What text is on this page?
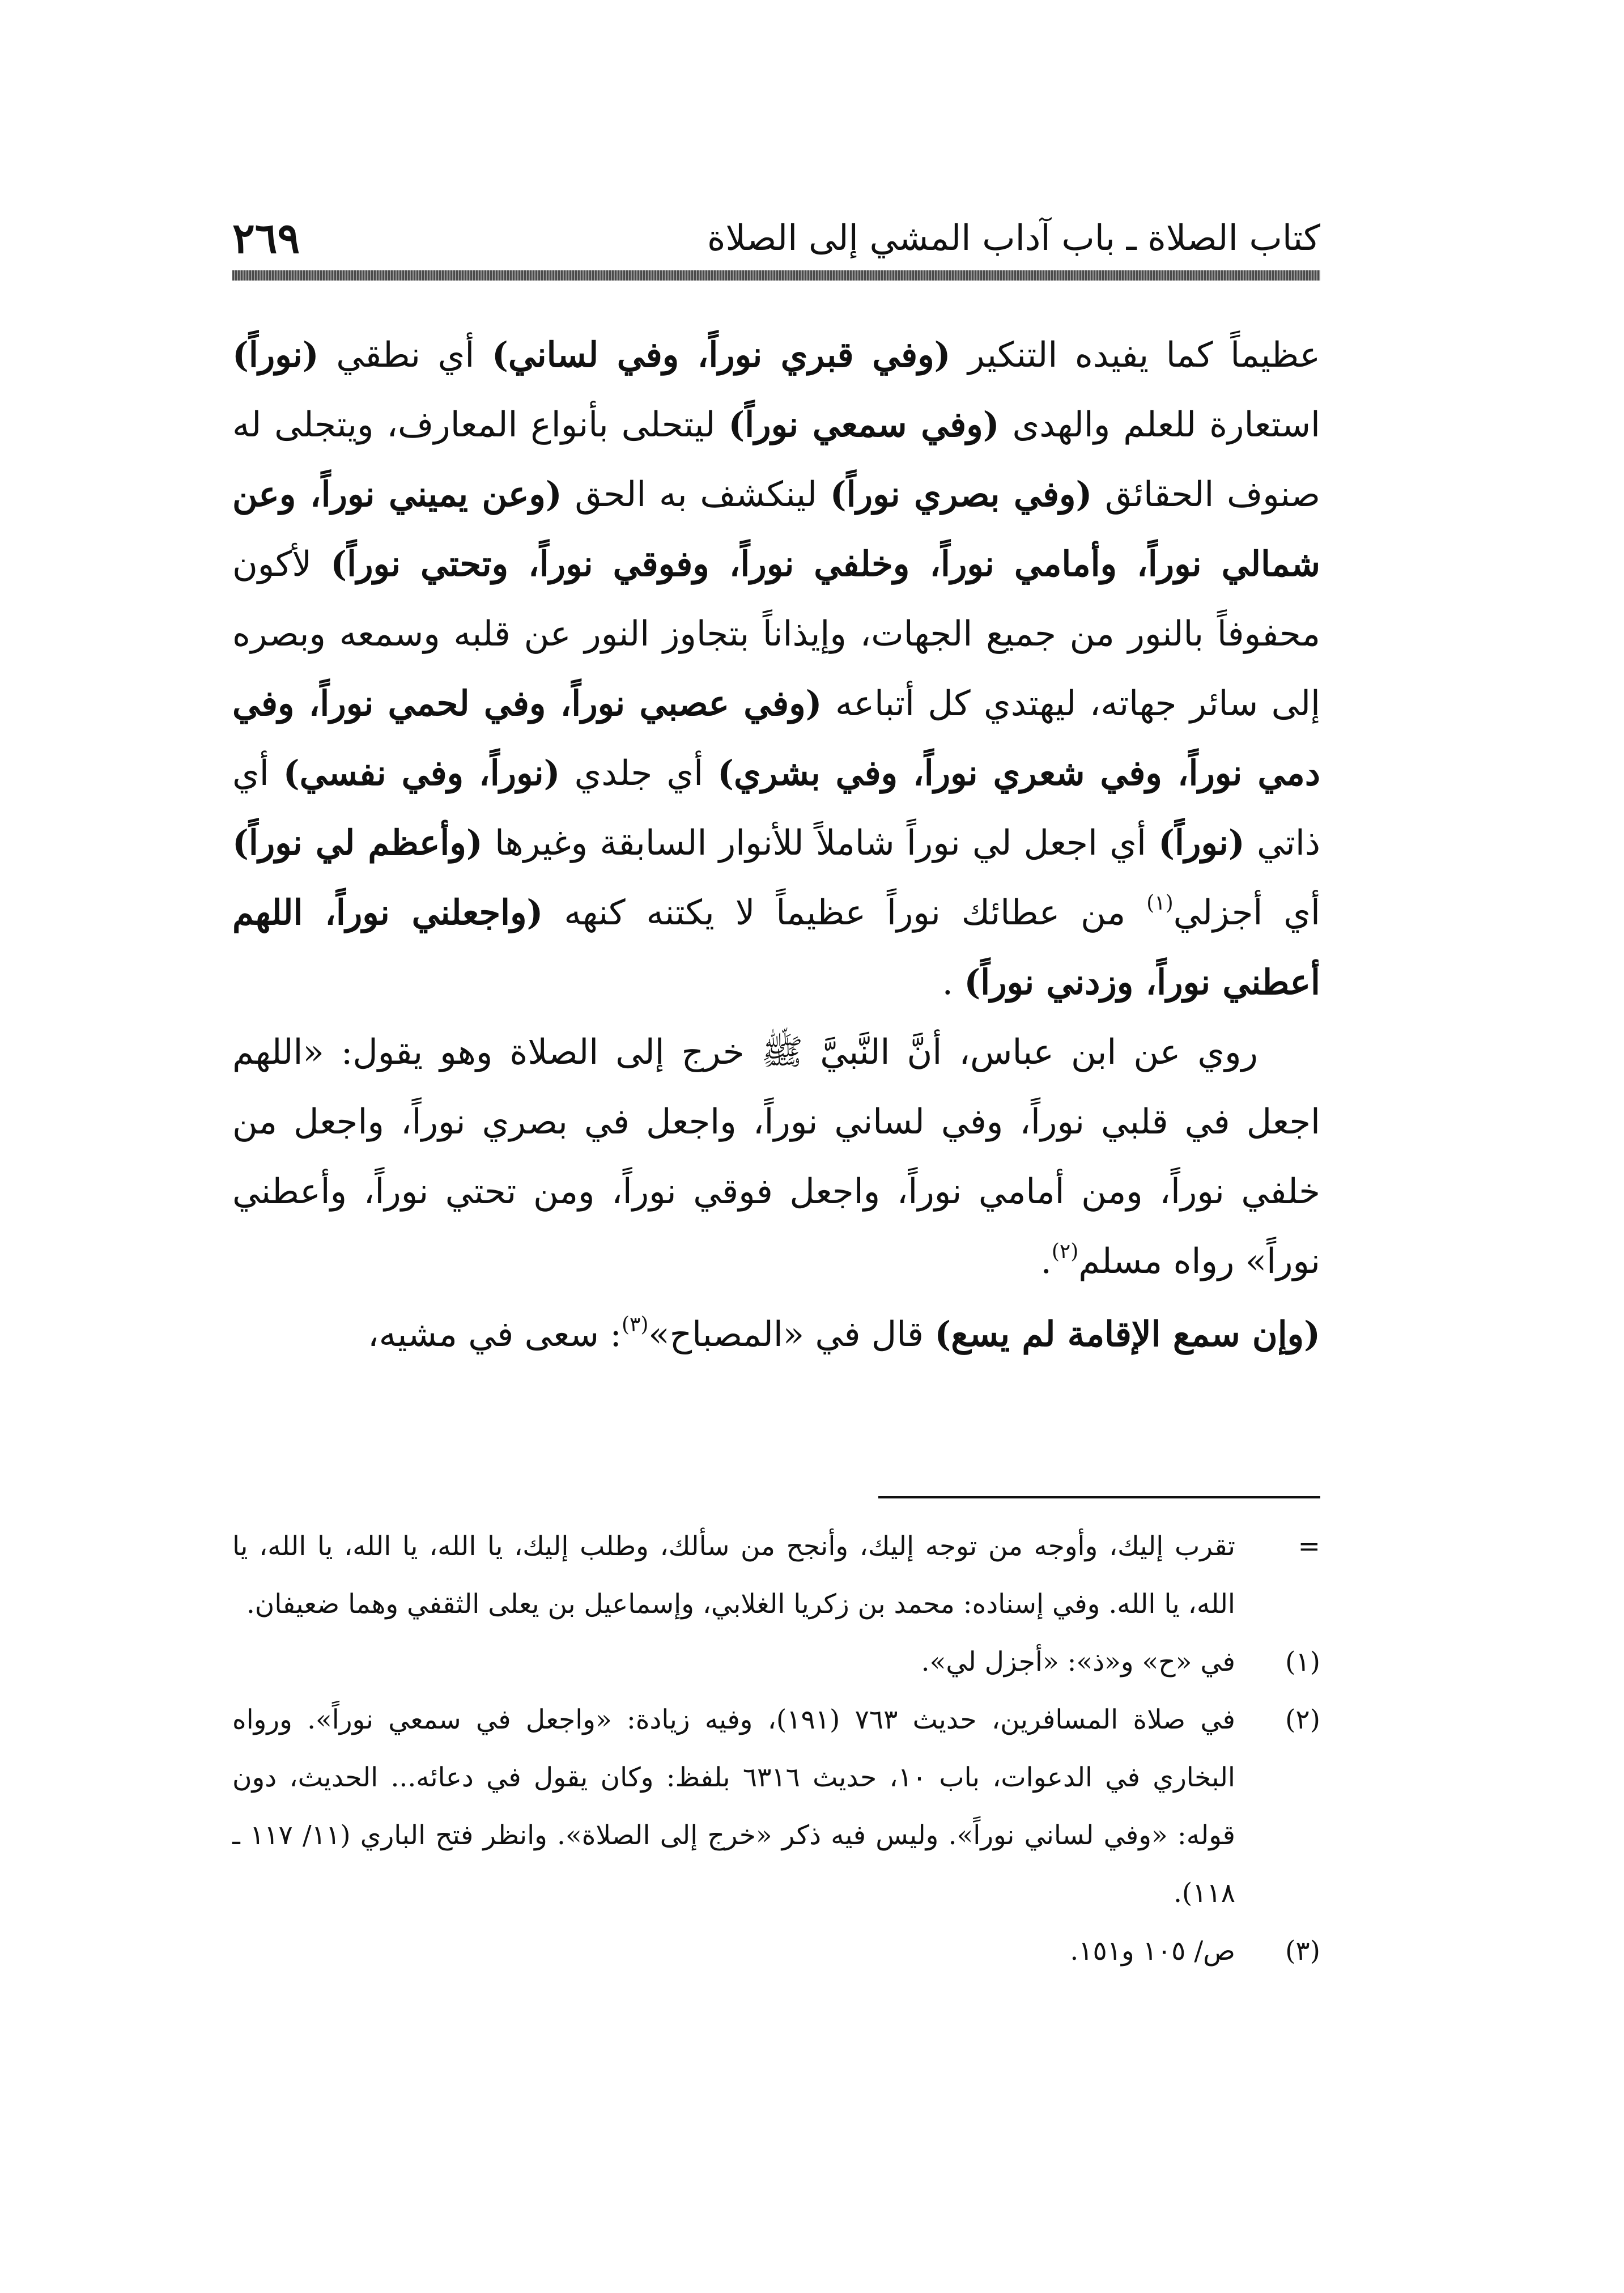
كتاب الصلاة ـ باب آداب المشي إلى الصلاة
٢٦٩

عظيماً كما يفيده التنكير (وفي قبري نوراً، وفي لساني) أي نطقي (نوراً) استعارة للعلم والهدى (وفي سمعي نوراً) ليتحلى بأنواع المعارف، ويتجلى له صنوف الحقائق (وفي بصري نوراً) لينكشف به الحق (وعن يميني نوراً، وعن شمالي نوراً، وأمامي نوراً، وخلفي نوراً، وفوقي نوراً، وتحتي نوراً) لأكون محفوفاً بالنور من جميع الجهات، وإيذاناً بتجاوز النور عن قلبه وسمعه وبصره إلى سائر جهاته، ليهتدي كل أتباعه (وفي عصبي نوراً، وفي لحمي نوراً، وفي دمي نوراً، وفي شعري نوراً، وفي بشري) أي جلدي (نوراً، وفي نفسي) أي ذاتي (نوراً) أي اجعل لي نوراً شاملاً للأنوار السابقة وغيرها (وأعظم لي نوراً) أي أجزلي$^{(١)}$ من عطائك نوراً عظيماً لا يكتنه كنهه (واجعلني نوراً، اللهم أعطني نوراً، وزدني نوراً) .

روي عن ابن عباس، أنَّ النَّبيَّ ﷺ خرج إلى الصلاة وهو يقول: «اللهم اجعل في قلبي نوراً، وفي لساني نوراً، واجعل في بصري نوراً، واجعل من خلفي نوراً، ومن أمامي نوراً، واجعل فوقي نوراً، ومن تحتي نوراً، وأعطني نوراً» رواه مسلم$^{(٢)}$.

(وإن سمع الإقامة لم يسع) قال في «المصباح»$^{(٣)}$: سعى في مشيه،

=
تقرب إليك، وأوجه من توجه إليك، وأنجح من سألك، وطلب إليك، يا الله، يا الله، يا الله، يا الله، يا الله. وفي إسناده: محمد بن زكريا الغلابي، وإسماعيل بن يعلى الثقفي وهما ضعيفان.
(١)
في «ح» و«ذ»: «أجزل لي».
(٢)
في صلاة المسافرين، حديث ٧٦٣ (١٩١)، وفيه زيادة: «واجعل في سمعي نوراً». ورواه البخاري في الدعوات، باب ١٠، حديث ٦٣١٦ بلفظ: وكان يقول في دعائه... الحديث، دون قوله: «وفي لساني نوراً». وليس فيه ذكر «خرج إلى الصلاة». وانظر فتح الباري (١١/ ١١٧ ـ ١١٨).
(٣)
ص/ ١٠٥ و١٥١.
